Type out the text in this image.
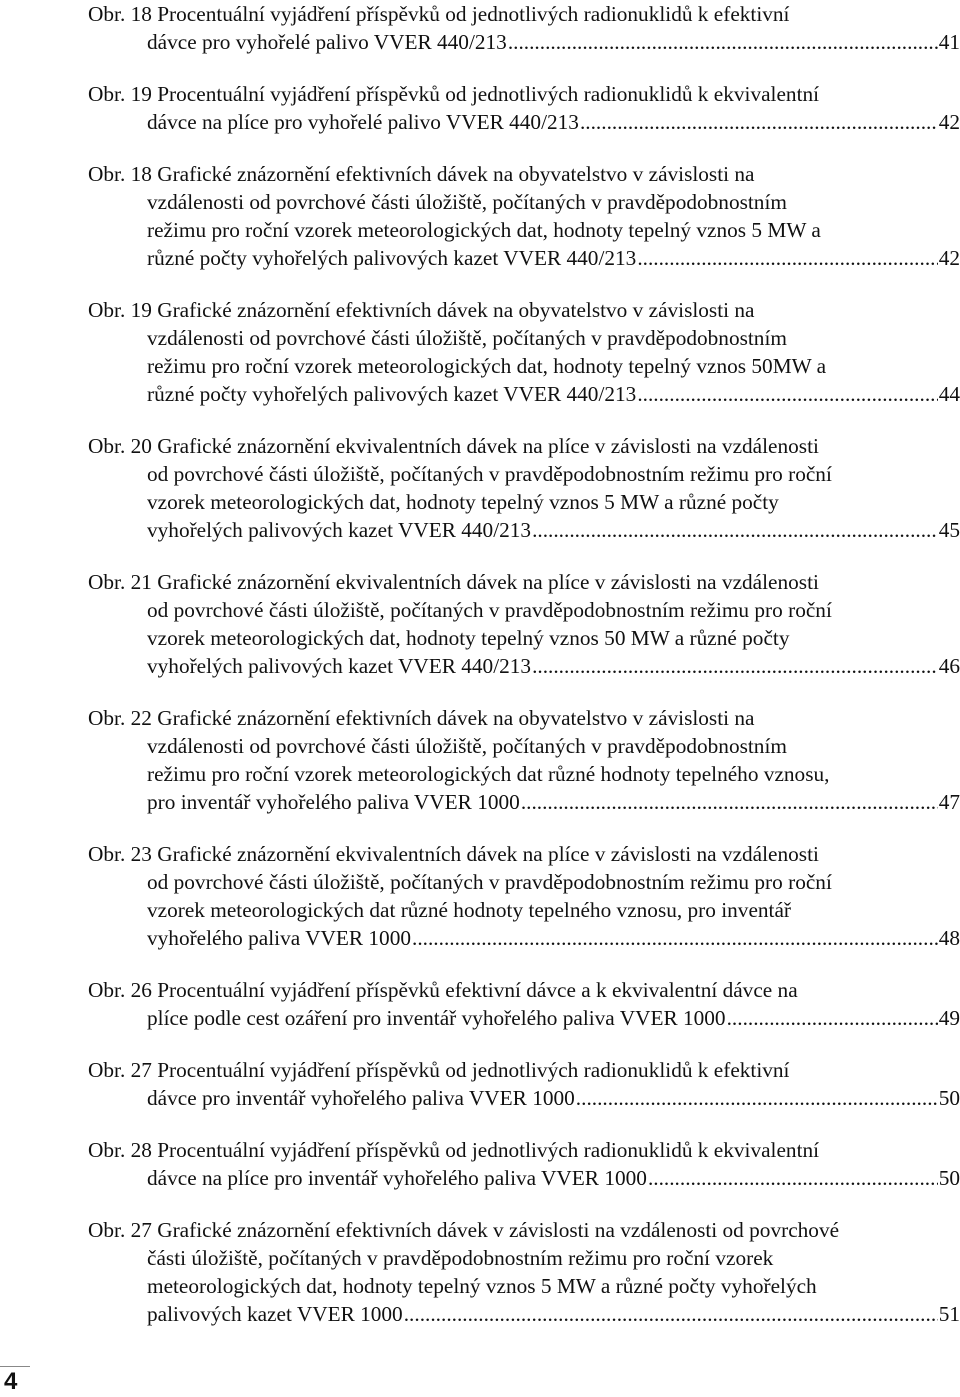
Obr. 18 Procentuální vyjádření příspěvků od jednotlivých radionuklidů k efektivní
dávce pro vyhořelé palivo VVER 440/213 .....	41
Obr. 19 Procentuální vyjádření příspěvků od jednotlivých radionuklidů k ekvivalentní
dávce na plíce pro vyhořelé palivo VVER 440/213 .....	42
Obr. 18 Grafické znázornění efektivních dávek na obyvatelstvo v závislosti na
vzdálenosti od povrchové části úložiště, počítaných v pravděpodobnostním
režimu pro roční vzorek meteorologických dat, hodnoty tepelný vznos 5 MW a
různé počty vyhořelých palivových kazet VVER 440/213 .....	42
Obr. 19 Grafické znázornění efektivních dávek na obyvatelstvo v závislosti na
vzdálenosti od povrchové části úložiště, počítaných v pravděpodobnostním
režimu pro roční vzorek meteorologických dat, hodnoty tepelný vznos 50MW a
různé počty vyhořelých palivových kazet VVER 440/213 .....	44
Obr. 20 Grafické znázornění ekvivalentních dávek na plíce v závislosti na vzdálenosti
od povrchové části úložiště, počítaných v pravděpodobnostním režimu pro roční
vzorek meteorologických dat, hodnoty tepelný vznos 5 MW a různé počty
vyhořelých palivových kazet VVER 440/213 .....	45
Obr. 21 Grafické znázornění ekvivalentních dávek na plíce v závislosti na vzdálenosti
od povrchové části úložiště, počítaných v pravděpodobnostním režimu pro roční
vzorek meteorologických dat, hodnoty tepelný vznos 50 MW a různé počty
vyhořelých palivových kazet VVER 440/213 .....	46
Obr. 22 Grafické znázornění efektivních dávek na obyvatelstvo v závislosti na
vzdálenosti od povrchové části úložiště, počítaných v pravděpodobnostním
režimu pro roční vzorek meteorologických dat různé hodnoty tepelného vznosu,
pro inventář vyhořelého paliva VVER 1000 .....	47
Obr. 23 Grafické znázornění ekvivalentních dávek na plíce v závislosti na vzdálenosti
od povrchové části úložiště, počítaných v pravděpodobnostním režimu pro roční
vzorek meteorologických dat různé hodnoty tepelného vznosu, pro inventář
vyhořelého paliva VVER 1000 .....	48
Obr. 26 Procentuální vyjádření příspěvků efektivní dávce a k ekvivalentní dávce na
plíce podle cest ozáření pro inventář vyhořelého paliva VVER 1000 .....	49
Obr. 27 Procentuální vyjádření příspěvků od jednotlivých radionuklidů k efektivní
dávce pro inventář vyhořelého paliva VVER 1000 .....	50
Obr. 28 Procentuální vyjádření příspěvků od jednotlivých radionuklidů k ekvivalentní
dávce na plíce pro inventář vyhořelého paliva VVER 1000 .....	50
Obr. 27 Grafické znázornění efektivních dávek v závislosti na vzdálenosti od povrchové
části úložiště, počítaných v pravděpodobnostním režimu pro roční vzorek
meteorologických dat, hodnoty tepelný vznos 5 MW a různé počty vyhořelých
palivových kazet VVER 1000 .....	51
4
